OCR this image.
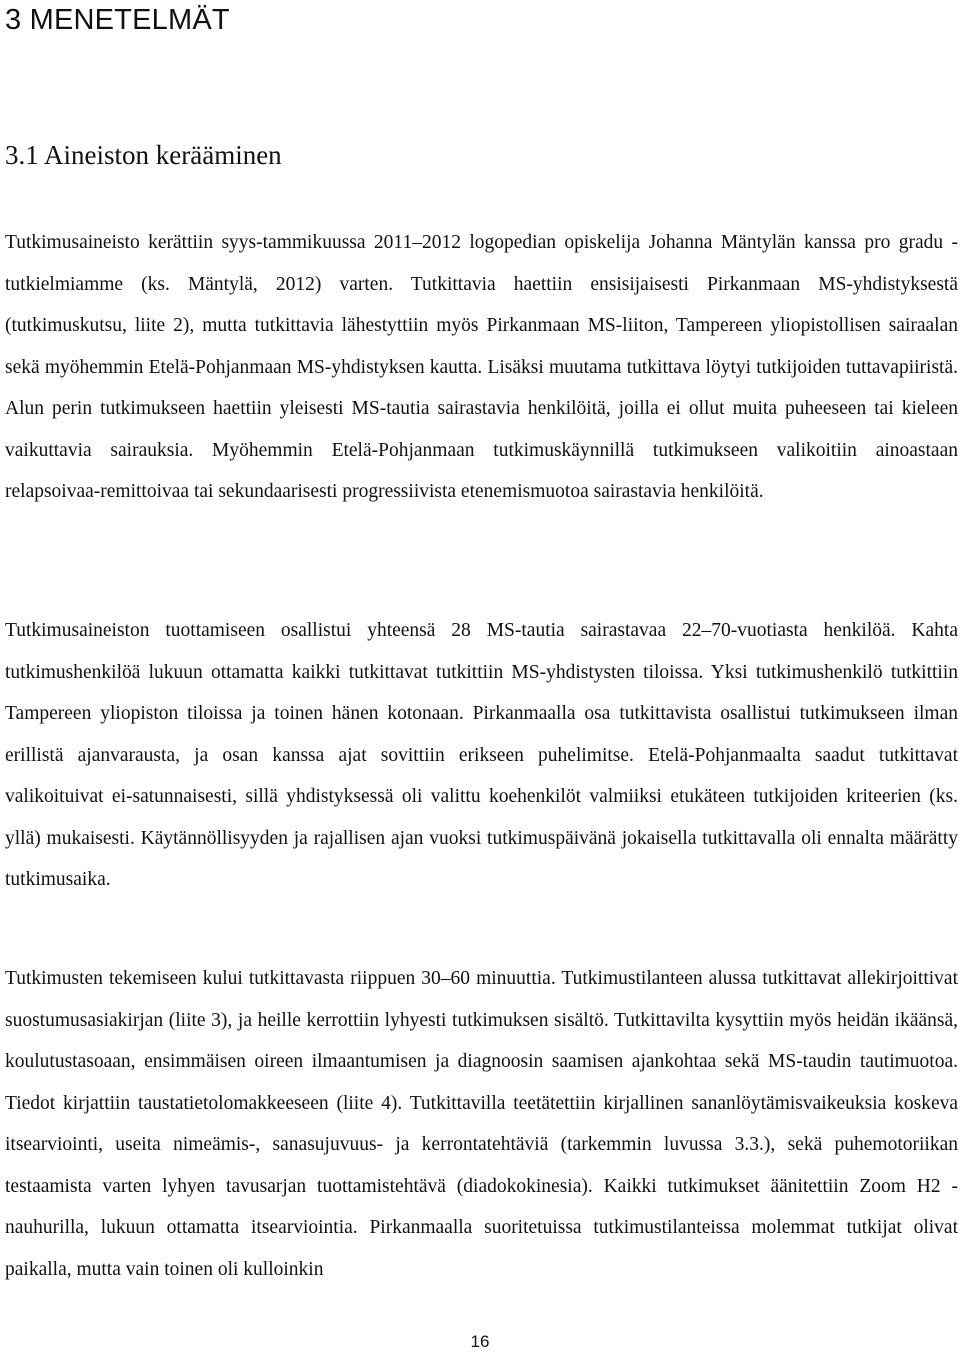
3 MENETELMÄT
3.1 Aineiston kerääminen

Tutkimusaineisto kerättiin syys-tammikuussa 2011–2012 logopedian opiskelija Johanna Mäntylän kanssa pro gradu -tutkielmiamme (ks. Mäntylä, 2012) varten. Tutkittavia haettiin ensisijaisesti Pirkanmaan MS-yhdistyksestä (tutkimuskutsu, liite 2), mutta tutkittavia lähestyttiin myös Pirkanmaan MS-liiton, Tampereen yliopistollisen sairaalan sekä myöhemmin Etelä-Pohjanmaan MS-yhdistyksen kautta. Lisäksi muutama tutkittava löytyi tutkijoiden tuttavapiiristä. Alun perin tutkimukseen haettiin yleisesti MS-tautia sairastavia henkilöitä, joilla ei ollut muita puheeseen tai kieleen vaikuttavia sairauksia. Myöhemmin Etelä-Pohjanmaan tutkimuskäynnillä tutkimukseen valikoitiin ainoastaan relapsoivaa-remittoivaa tai sekundaarisesti progressiivista etenemismuotoa sairastavia henkilöitä.

Tutkimusaineiston tuottamiseen osallistui yhteensä 28 MS-tautia sairastavaa 22–70-vuotiasta henkilöä. Kahta tutkimushenkilöä lukuun ottamatta kaikki tutkittavat tutkittiin MS-yhdistysten tiloissa. Yksi tutkimushenkilö tutkittiin Tampereen yliopiston tiloissa ja toinen hänen kotonaan. Pirkanmaalla osa tutkittavista osallistui tutkimukseen ilman erillistä ajanvarausta, ja osan kanssa ajat sovittiin erikseen puhelimitse. Etelä-Pohjanmaalta saadut tutkittavat valikoituivat ei-satunnaisesti, sillä yhdistyksessä oli valittu koehenkilöt valmiiksi etukäteen tutkijoiden kriteerien (ks. yllä) mukaisesti. Käytännöllisyyden ja rajallisen ajan vuoksi tutkimuspäivänä jokaisella tutkittavalla oli ennalta määrätty tutkimusaika.

Tutkimusten tekemiseen kului tutkittavasta riippuen 30–60 minuuttia. Tutkimustilanteen alussa tutkittavat allekirjoittivat suostumusasiakirjan (liite 3), ja heille kerrottiin lyhyesti tutkimuksen sisältö. Tutkittavilta kysyttiin myös heidän ikäänsä, koulutustasoaan, ensimmäisen oireen ilmaantumisen ja diagnoosin saamisen ajankohtaa sekä MS-taudin tautimuotoa. Tiedot kirjattiin taustatietolomakkeeseen (liite 4). Tutkittavilla teetätettiin kirjallinen sananlöytämisvaikeuksia koskeva itsearviointi, useita nimeämis-, sanasujuvuus- ja kerrontatehtäviä (tarkemmin luvussa 3.3.), sekä puhemotoriikan testaamista varten lyhyen tavusarjan tuottamistehtävä (diadokokinesia). Kaikki tutkimukset äänitettiin Zoom H2 -nauhurilla, lukuun ottamatta itsearviointia. Pirkanmaalla suoritetuissa tutkimustilanteissa molemmat tutkijat olivat paikalla, mutta vain toinen oli kulloinkin

16
